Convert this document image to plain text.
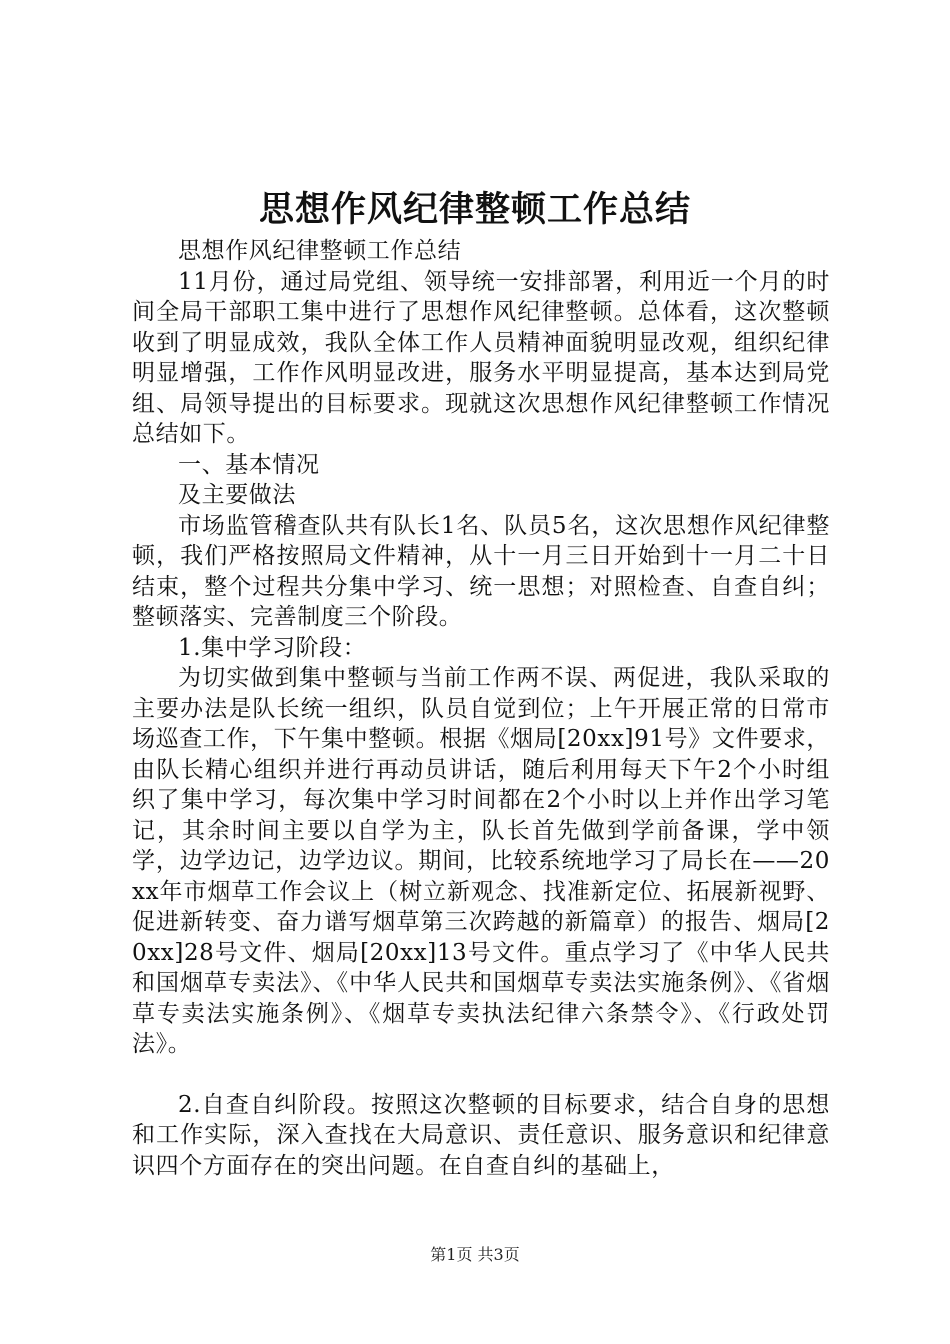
思想作风纪律整顿工作总结

思想作风纪律整顿工作总结

11月份，通过局党组、领导统一安排部署，利用近一个月的时间全局干部职工集中进行了思想作风纪律整顿。总体看，这次整顿收到了明显成效，我队全体工作人员精神面貌明显改观，组织纪律明显增强，工作作风明显改进，服务水平明显提高，基本达到局党组、局领导提出的目标要求。现就这次思想作风纪律整顿工作情况总结如下。

一、基本情况

及主要做法

市场监管稽查队共有队长1名、队员5名，这次思想作风纪律整顿，我们严格按照局文件精神，从十一月三日开始到十一月二十日结束，整个过程共分集中学习、统一思想；对照检查、自查自纠；整顿落实、完善制度三个阶段。

1.集中学习阶段：

为切实做到集中整顿与当前工作两不误、两促进，我队采取的主要办法是队长统一组织，队员自觉到位；上午开展正常的日常市场巡查工作，下午集中整顿。根据《烟局[20xx]91号》文件要求，由队长精心组织并进行再动员讲话，随后利用每天下午2个小时组织了集中学习，每次集中学习时间都在2个小时以上并作出学习笔记，其余时间主要以自学为主，队长首先做到学前备课，学中领学，边学边记，边学边议。期间，比较系统地学习了局长在——20xx年市烟草工作会议上（树立新观念、找准新定位、拓展新视野、促进新转变、奋力谱写烟草第三次跨越的新篇章）的报告、烟局[20xx]28号文件、烟局[20xx]13号文件。重点学习了《中华人民共和国烟草专卖法》、《中华人民共和国烟草专卖法实施条例》、《省烟草专卖法实施条例》、《烟草专卖执法纪律六条禁令》、《行政处罚法》。

2.自查自纠阶段。按照这次整顿的目标要求，结合自身的思想和工作实际，深入查找在大局意识、责任意识、服务意识和纪律意识四个方面存在的突出问题。在自查自纠的基础上，

第1页 共3页
